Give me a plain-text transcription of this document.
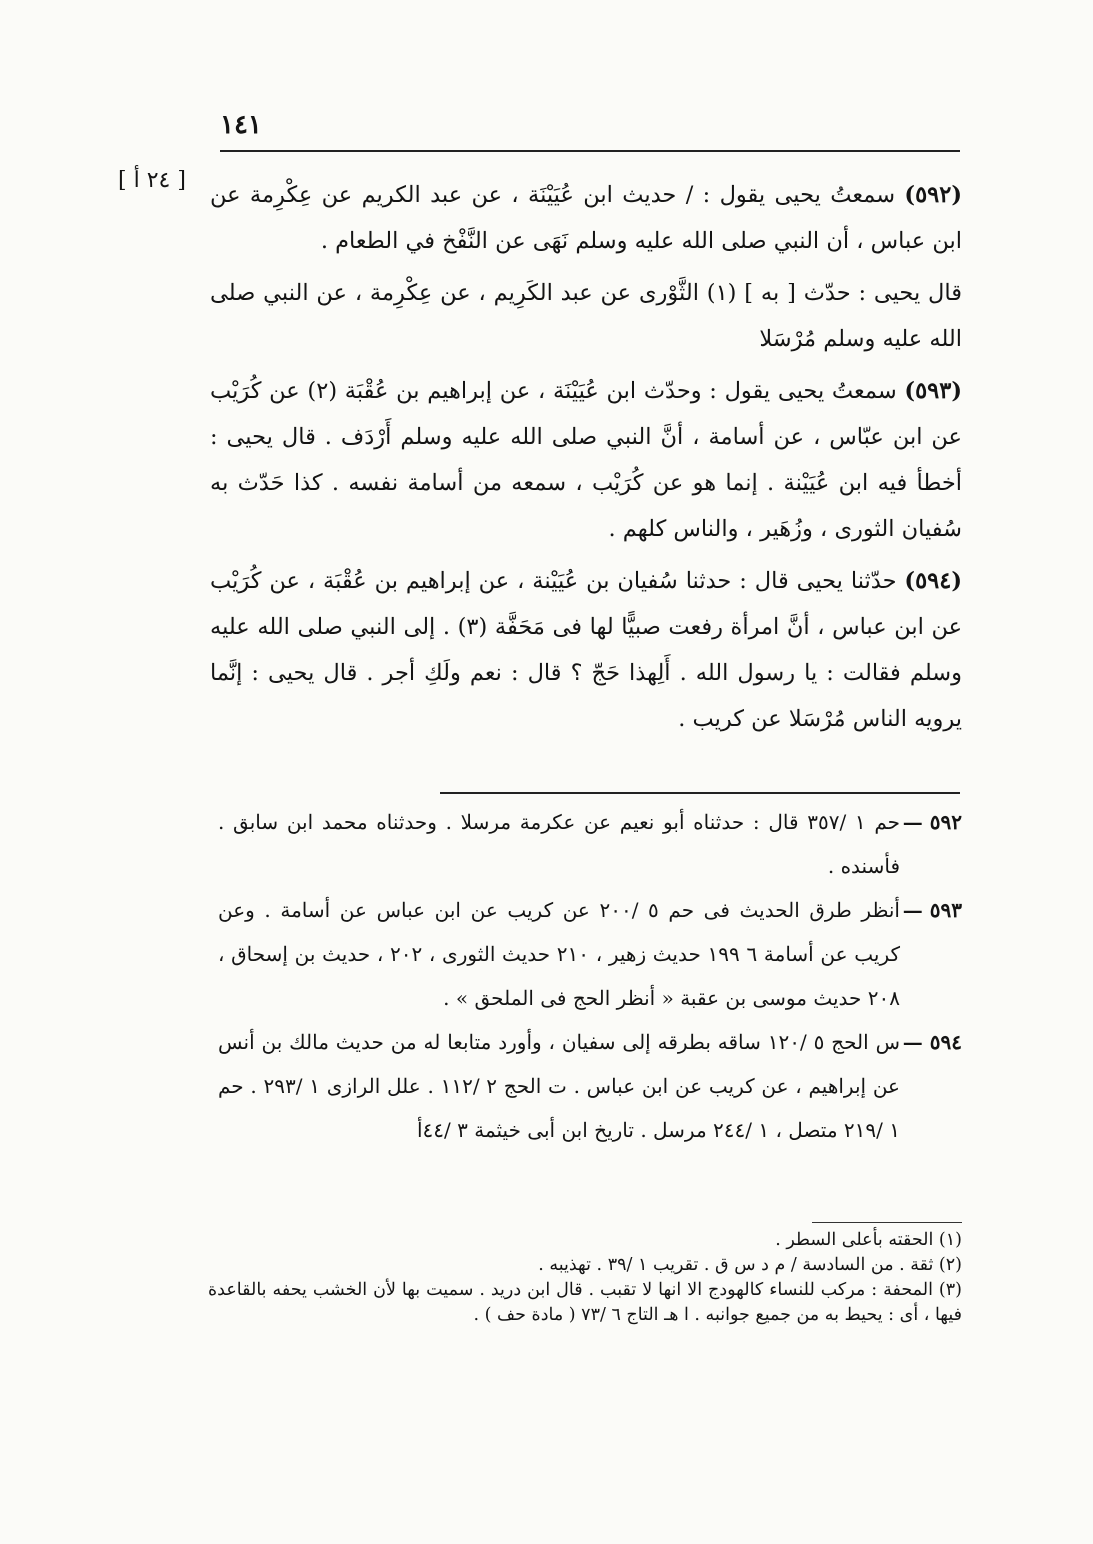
١٤١
[ ٢٤ أ ]

(٥٩٢) سمعتُ يحيى يقول : / حديث ابن عُيَيْنَة ، عن عبد الكريم عن عِكْرِمة عن ابن عباس ، أن النبي صلى الله عليه وسلم نَهَى عن النَّفْخ في الطعام .

قال يحيى : حدّث [ به ] (١) الثَّوْرى عن عبد الكَرِيم ، عن عِكْرِمة ، عن النبي صلى الله عليه وسلم مُرْسَلا

(٥٩٣) سمعتُ يحيى يقول : وحدّث ابن عُيَيْنَة ، عن إبراهيم بن عُقْبَة (٢) عن كُرَيْب عن ابن عبّاس ، عن أسامة ، أنَّ النبي صلى الله عليه وسلم أَرْدَف . قال يحيى : أخطأ فيه ابن عُيَيْنة . إنما هو عن كُرَيْب ، سمعه من أسامة نفسه . كذا حَدّث به سُفيان الثورى ، وزُهَير ، والناس كلهم .

(٥٩٤) حدّثنا يحيى قال : حدثنا سُفيان بن عُيَيْنة ، عن إبراهيم بن عُقْبَة ، عن كُرَيْب عن ابن عباس ، أنَّ امرأة رفعت صبيًّا لها فى مَحَفَّة (٣) . إلى النبي صلى الله عليه وسلم فقالت : يا رسول الله . أَلِهذا حَجّ ؟ قال : نعم ولَكِ أجر . قال يحيى : إنَّما يرويه الناس مُرْسَلا عن كريب .

٥٩٢ —
حم ١ /٣٥٧ قال : حدثناه أبو نعيم عن عكرمة مرسلا . وحدثناه محمد ابن سابق . فأسنده .
٥٩٣ —
أنظر طرق الحديث فى حم ٥ /٢٠٠ عن كريب عن ابن عباس عن أسامة . وعن كريب عن أسامة ٦ ١٩٩ حديث زهير ، ٢١٠ حديث الثورى ، ٢٠٢ ، حديث بن إسحاق ، ٢٠٨ حديث موسى بن عقبة « أنظر الحج فى الملحق » .
٥٩٤ —
س الحج ٥ /١٢٠ ساقه بطرقه إلى سفيان ، وأورد متابعا له من حديث مالك بن أنس عن إبراهيم ، عن كريب عن ابن عباس . ت الحج ٢ /١١٢ . علل الرازى ١ /٢٩٣ . حم ١ /٢١٩ متصل ، ١ /٢٤٤ مرسل . تاريخ ابن أبى خيثمة ٣ /٤٤أ
(١) الحقته بأعلى السطر .
(٢) ثقة . من السادسة / م د س ق . تقريب ١ /٣٩ . تهذيبه .
(٣) المحفة : مركب للنساء كالهودج الا انها لا تقبب . قال ابن دريد . سميت بها لأن الخشب يحفه بالقاعدة فيها ، أى : يحيط به من جميع جوانبه . ا هـ التاج ٦ /٧٣ ( مادة حف ) .
